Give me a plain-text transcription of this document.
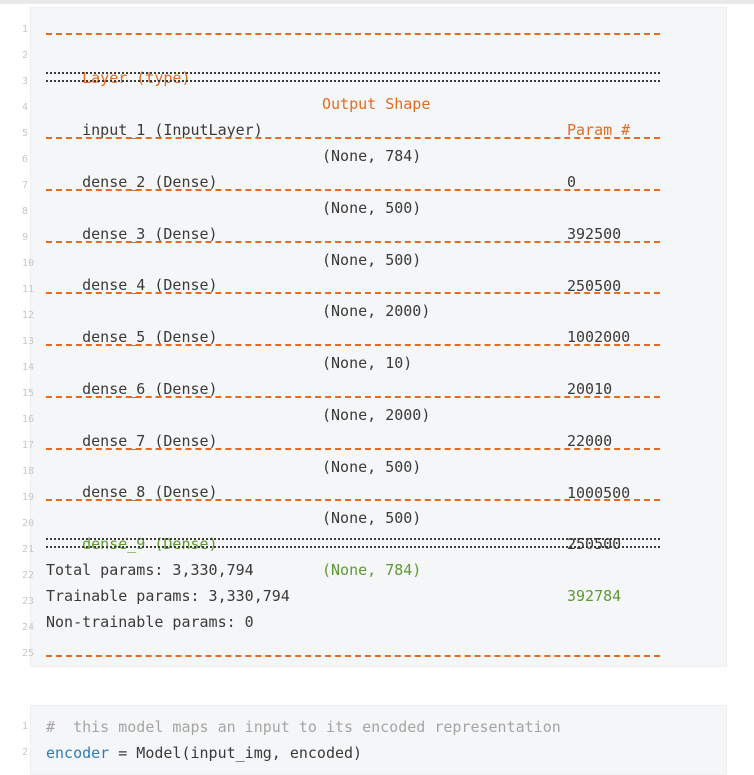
1
2
3
4
5
6
7
8
9
10
11
12
13
14
15
16
17
18
19
20
21
22
23
24
25

Layer (type)

Output Shape

Param #

input_1 (InputLayer)

(None, 784)

0

dense_2 (Dense)

(None, 500)

392500

dense_3 (Dense)

(None, 500)

250500

dense_4 (Dense)

(None, 2000)

1002000

dense_5 (Dense)

(None, 10)

20010

dense_6 (Dense)

(None, 2000)

22000

dense_7 (Dense)

(None, 500)

1000500

dense_8 (Dense)

(None, 500)

250500

dense_9 (Dense)

(None, 784)

392784

Total params: 3,330,794
Trainable params: 3,330,794
Non-trainable params: 0
1
2
#  this model maps an input to its encoded representation
encoder = Model(input_img, encoded)
